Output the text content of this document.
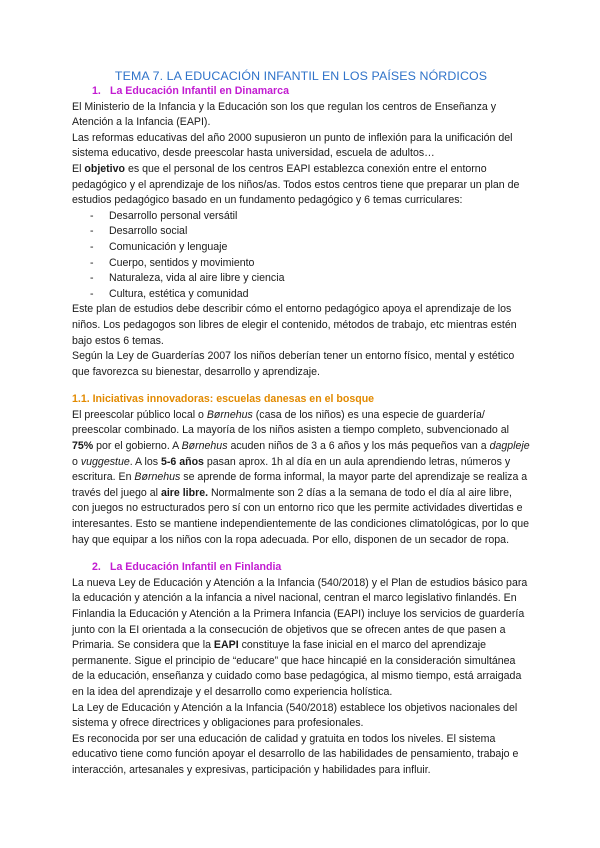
TEMA 7. LA EDUCACIÓN INFANTIL EN LOS PAÍSES NÓRDICOS
1. La Educación Infantil en Dinamarca

El Ministerio de la Infancia y la Educación son los que regulan los centros de Enseñanza y Atención a la Infancia (EAPI).

Las reformas educativas del año 2000 supusieron un punto de inflexión para la unificación del sistema educativo, desde preescolar hasta universidad, escuela de adultos…

El objetivo es que el personal de los centros EAPI establezca conexión entre el entorno pedagógico y el aprendizaje de los niños/as. Todos estos centros tiene que preparar un plan de estudios pedagógico basado en un fundamento pedagógico y 6 temas curriculares:

- Desarrollo personal versátil
- Desarrollo social
- Comunicación y lenguaje
- Cuerpo, sentidos y movimiento
- Naturaleza, vida al aire libre y ciencia
- Cultura, estética y comunidad

Este plan de estudios debe describir cómo el entorno pedagógico apoya el aprendizaje de los niños. Los pedagogos son libres de elegir el contenido, métodos de trabajo, etc mientras estén bajo estos 6 temas.

Según la Ley de Guarderías 2007 los niños deberían tener un entorno físico, mental y estético que favorezca su bienestar, desarrollo y aprendizaje.

1.1. Iniciativas innovadoras: escuelas danesas en el bosque

El preescolar público local o Børnehus (casa de los niños) es una especie de guardería/ preescolar combinado. La mayoría de los niños asisten a tiempo completo, subvencionado al 75% por el gobierno. A Børnehus acuden niños de 3 a 6 años y los más pequeños van a dagpleje o vuggestue. A los 5-6 años pasan aprox. 1h al día en un aula aprendiendo letras, números y escritura. En Børnehus se aprende de forma informal, la mayor parte del aprendizaje se realiza a través del juego al aire libre. Normalmente son 2 días a la semana de todo el día al aire libre, con juegos no estructurados pero sí con un entorno rico que les permite actividades divertidas e interesantes. Esto se mantiene independientemente de las condiciones climatológicas, por lo que hay que equipar a los niños con la ropa adecuada. Por ello, disponen de un secador de ropa.

2. La Educación Infantil en Finlandia

La nueva Ley de Educación y Atención a la Infancia (540/2018) y el Plan de estudios básico para la educación y atención a la infancia a nivel nacional, centran el marco legislativo finlandés. En Finlandia la Educación y Atención a la Primera Infancia (EAPI) incluye los servicios de guardería junto con la EI orientada a la consecución de objetivos que se ofrecen antes de que pasen a Primaria. Se considera que la EAPI constituye la fase inicial en el marco del aprendizaje permanente. Sigue el principio de “educare” que hace hincapié en la consideración simultánea de la educación, enseñanza y cuidado como base pedagógica, al mismo tiempo, está arraigada en la idea del aprendizaje y el desarrollo como experiencia holística.

La Ley de Educación y Atención a la Infancia (540/2018) establece los objetivos nacionales del sistema y ofrece directrices y obligaciones para profesionales.

Es reconocida por ser una educación de calidad y gratuita en todos los niveles. El sistema educativo tiene como función apoyar el desarrollo de las habilidades de pensamiento, trabajo e interacción, artesanales y expresivas, participación y habilidades para influir.
